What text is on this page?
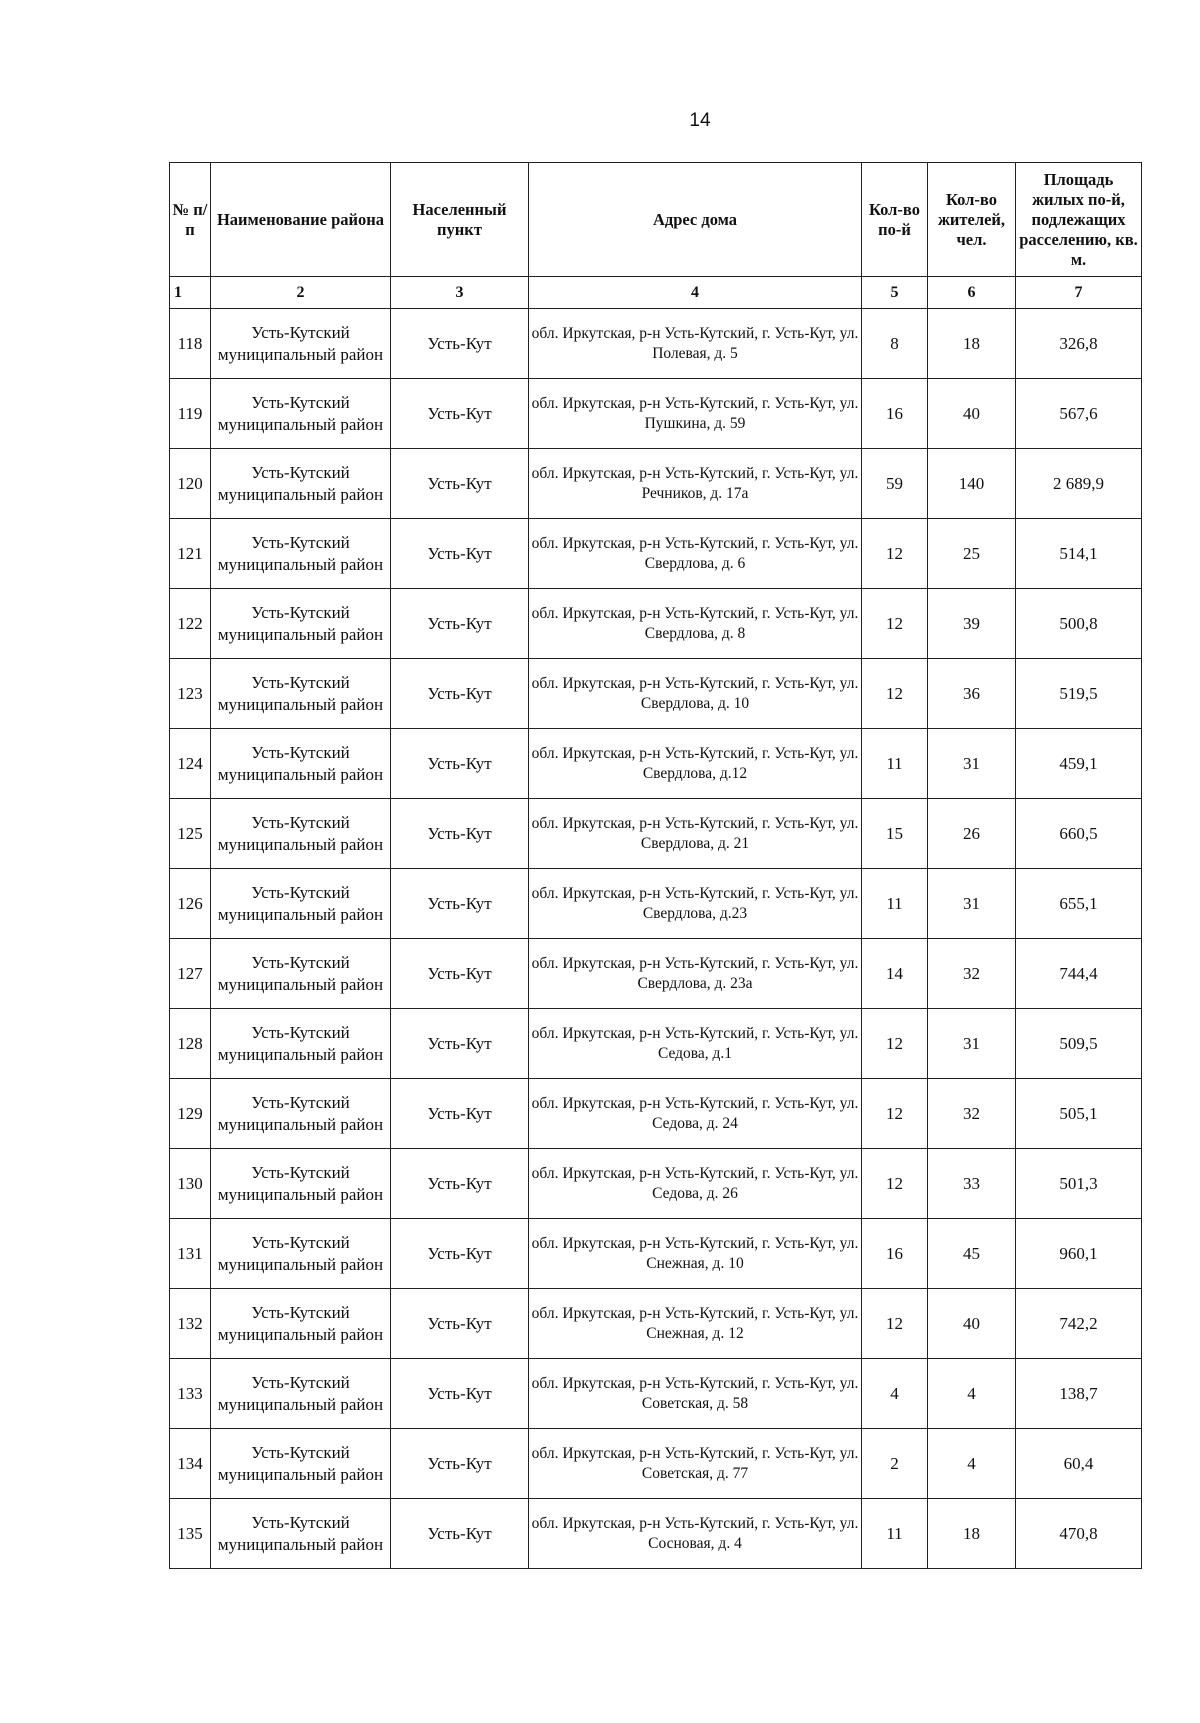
14
№ п/п	Наименование района	Населенный пункт	Адрес дома	Кол-во по-й	Кол-во жителей, чел.	Площадь жилых по-й, подлежащих расселению, кв. м.
1	2	3	4	5	6	7
118	Усть-Кутский муниципальный район	Усть-Кут	обл. Иркутская, р-н Усть-Кутский, г. Усть-Кут, ул. Полевая, д. 5	8	18	326,8
119	Усть-Кутский муниципальный район	Усть-Кут	обл. Иркутская, р-н Усть-Кутский, г. Усть-Кут, ул. Пушкина, д. 59	16	40	567,6
120	Усть-Кутский муниципальный район	Усть-Кут	обл. Иркутская, р-н Усть-Кутский, г. Усть-Кут, ул. Речников, д. 17а	59	140	2 689,9
121	Усть-Кутский муниципальный район	Усть-Кут	обл. Иркутская, р-н Усть-Кутский, г. Усть-Кут, ул. Свердлова, д. 6	12	25	514,1
122	Усть-Кутский муниципальный район	Усть-Кут	обл. Иркутская, р-н Усть-Кутский, г. Усть-Кут, ул. Свердлова, д. 8	12	39	500,8
123	Усть-Кутский муниципальный район	Усть-Кут	обл. Иркутская, р-н Усть-Кутский, г. Усть-Кут, ул. Свердлова, д. 10	12	36	519,5
124	Усть-Кутский муниципальный район	Усть-Кут	обл. Иркутская, р-н Усть-Кутский, г. Усть-Кут, ул. Свердлова, д.12	11	31	459,1
125	Усть-Кутский муниципальный район	Усть-Кут	обл. Иркутская, р-н Усть-Кутский, г. Усть-Кут, ул. Свердлова, д. 21	15	26	660,5
126	Усть-Кутский муниципальный район	Усть-Кут	обл. Иркутская, р-н Усть-Кутский, г. Усть-Кут, ул. Свердлова, д.23	11	31	655,1
127	Усть-Кутский муниципальный район	Усть-Кут	обл. Иркутская, р-н Усть-Кутский, г. Усть-Кут, ул. Свердлова, д. 23а	14	32	744,4
128	Усть-Кутский муниципальный район	Усть-Кут	обл. Иркутская, р-н Усть-Кутский, г. Усть-Кут, ул. Седова, д.1	12	31	509,5
129	Усть-Кутский муниципальный район	Усть-Кут	обл. Иркутская, р-н Усть-Кутский, г. Усть-Кут, ул. Седова, д. 24	12	32	505,1
130	Усть-Кутский муниципальный район	Усть-Кут	обл. Иркутская, р-н Усть-Кутский, г. Усть-Кут, ул. Седова, д. 26	12	33	501,3
131	Усть-Кутский муниципальный район	Усть-Кут	обл. Иркутская, р-н Усть-Кутский, г. Усть-Кут, ул. Снежная, д. 10	16	45	960,1
132	Усть-Кутский муниципальный район	Усть-Кут	обл. Иркутская, р-н Усть-Кутский, г. Усть-Кут, ул. Снежная, д. 12	12	40	742,2
133	Усть-Кутский муниципальный район	Усть-Кут	обл. Иркутская, р-н Усть-Кутский, г. Усть-Кут, ул. Советская, д. 58	4	4	138,7
134	Усть-Кутский муниципальный район	Усть-Кут	обл. Иркутская, р-н Усть-Кутский, г. Усть-Кут, ул. Советская, д. 77	2	4	60,4
135	Усть-Кутский муниципальный район	Усть-Кут	обл. Иркутская, р-н Усть-Кутский, г. Усть-Кут, ул. Сосновая, д. 4	11	18	470,8
